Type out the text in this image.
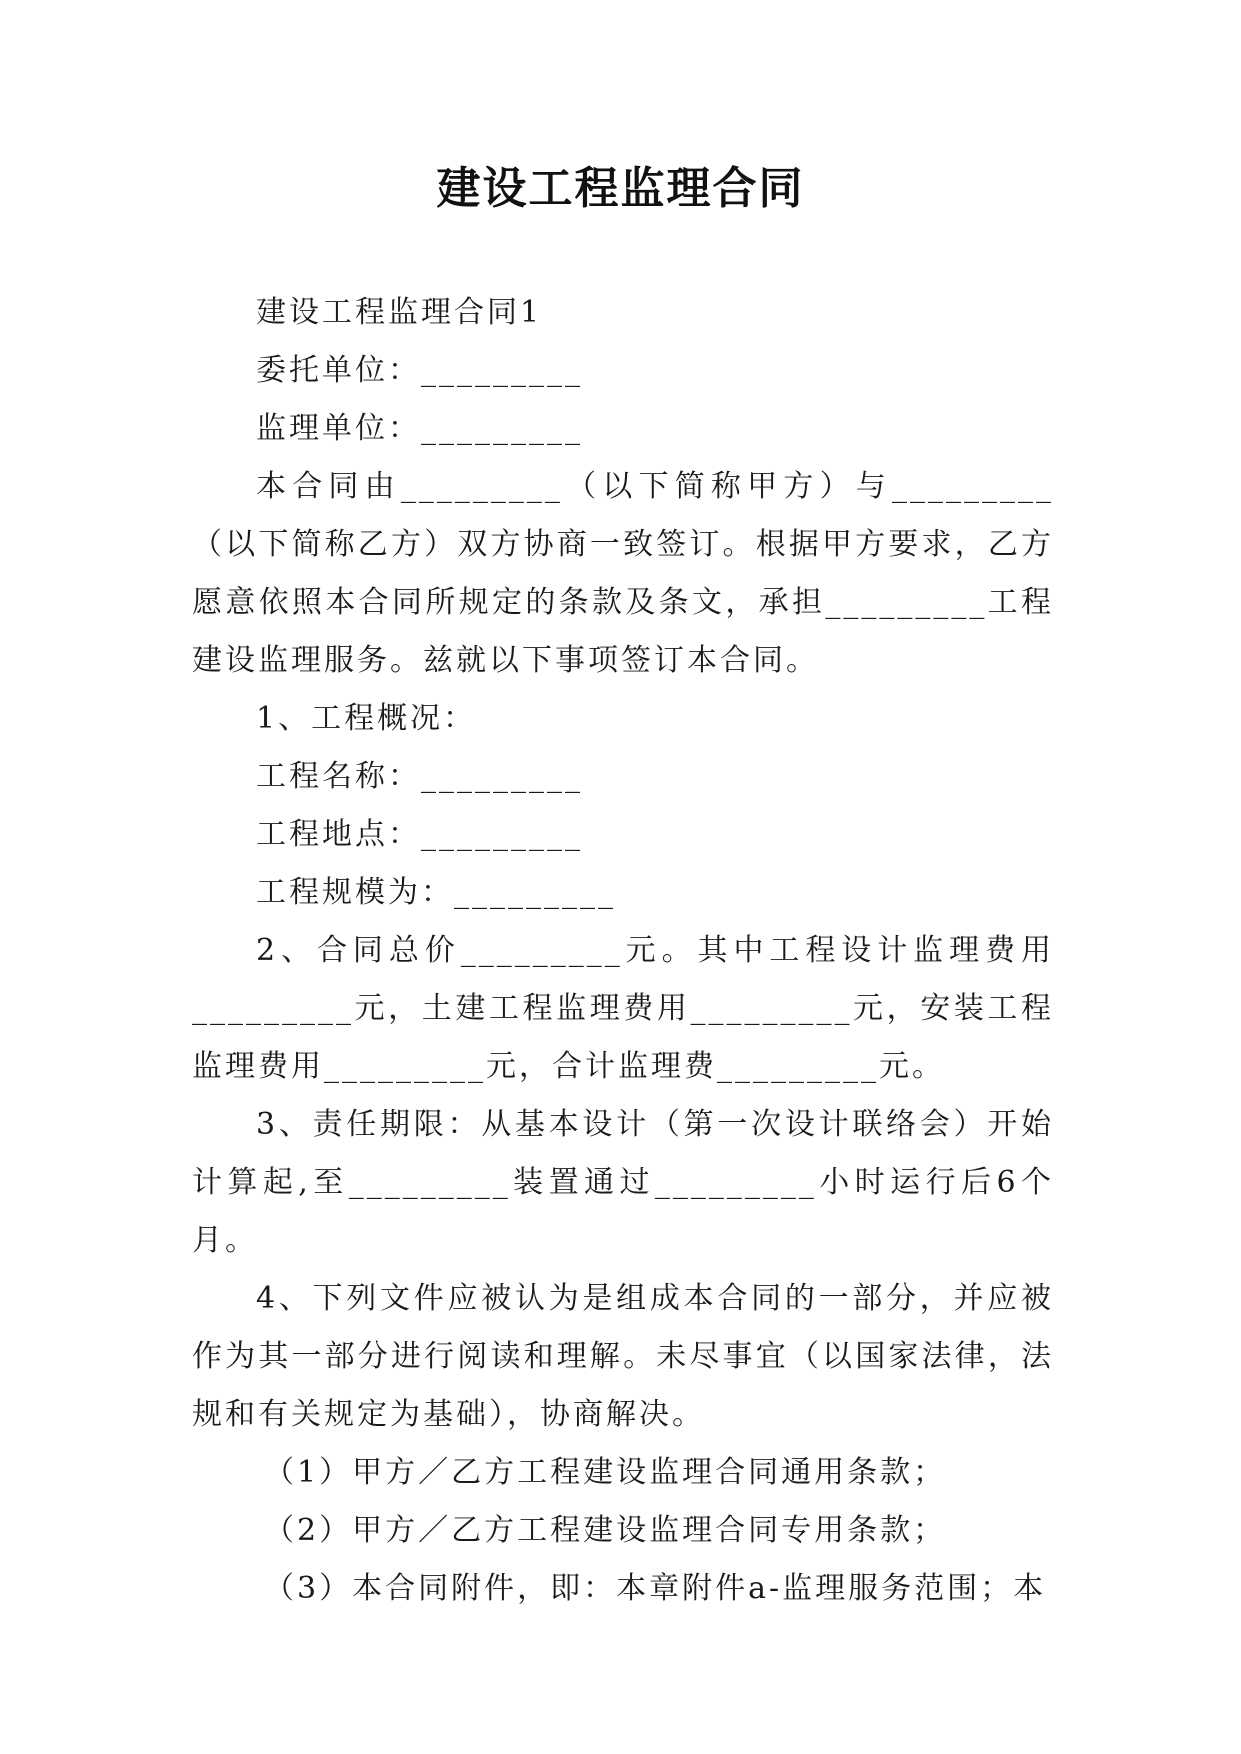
建设工程监理合同

建设工程监理合同1

委托单位：_________

监理单位：_________

本合同由_________（以下简称甲方）与_________（以下简称乙方）双方协商一致签订。根据甲方要求，乙方愿意依照本合同所规定的条款及条文，承担_________工程建设监理服务。兹就以下事项签订本合同。

1、工程概况：

工程名称：_________

工程地点：_________

工程规模为：_________

2、合同总价_________元。其中工程设计监理费用_________元，土建工程监理费用_________元，安装工程监理费用_________元，合计监理费_________元。

3、责任期限：从基本设计（第一次设计联络会）开始计算起,至_________装置通过_________小时运行后6个月。

4、下列文件应被认为是组成本合同的一部分，并应被作为其一部分进行阅读和理解。未尽事宜（以国家法律，法规和有关规定为基础），协商解决。

（1）甲方／乙方工程建设监理合同通用条款；

（2）甲方／乙方工程建设监理合同专用条款；

（3）本合同附件，即：本章附件a-监理服务范围；本
